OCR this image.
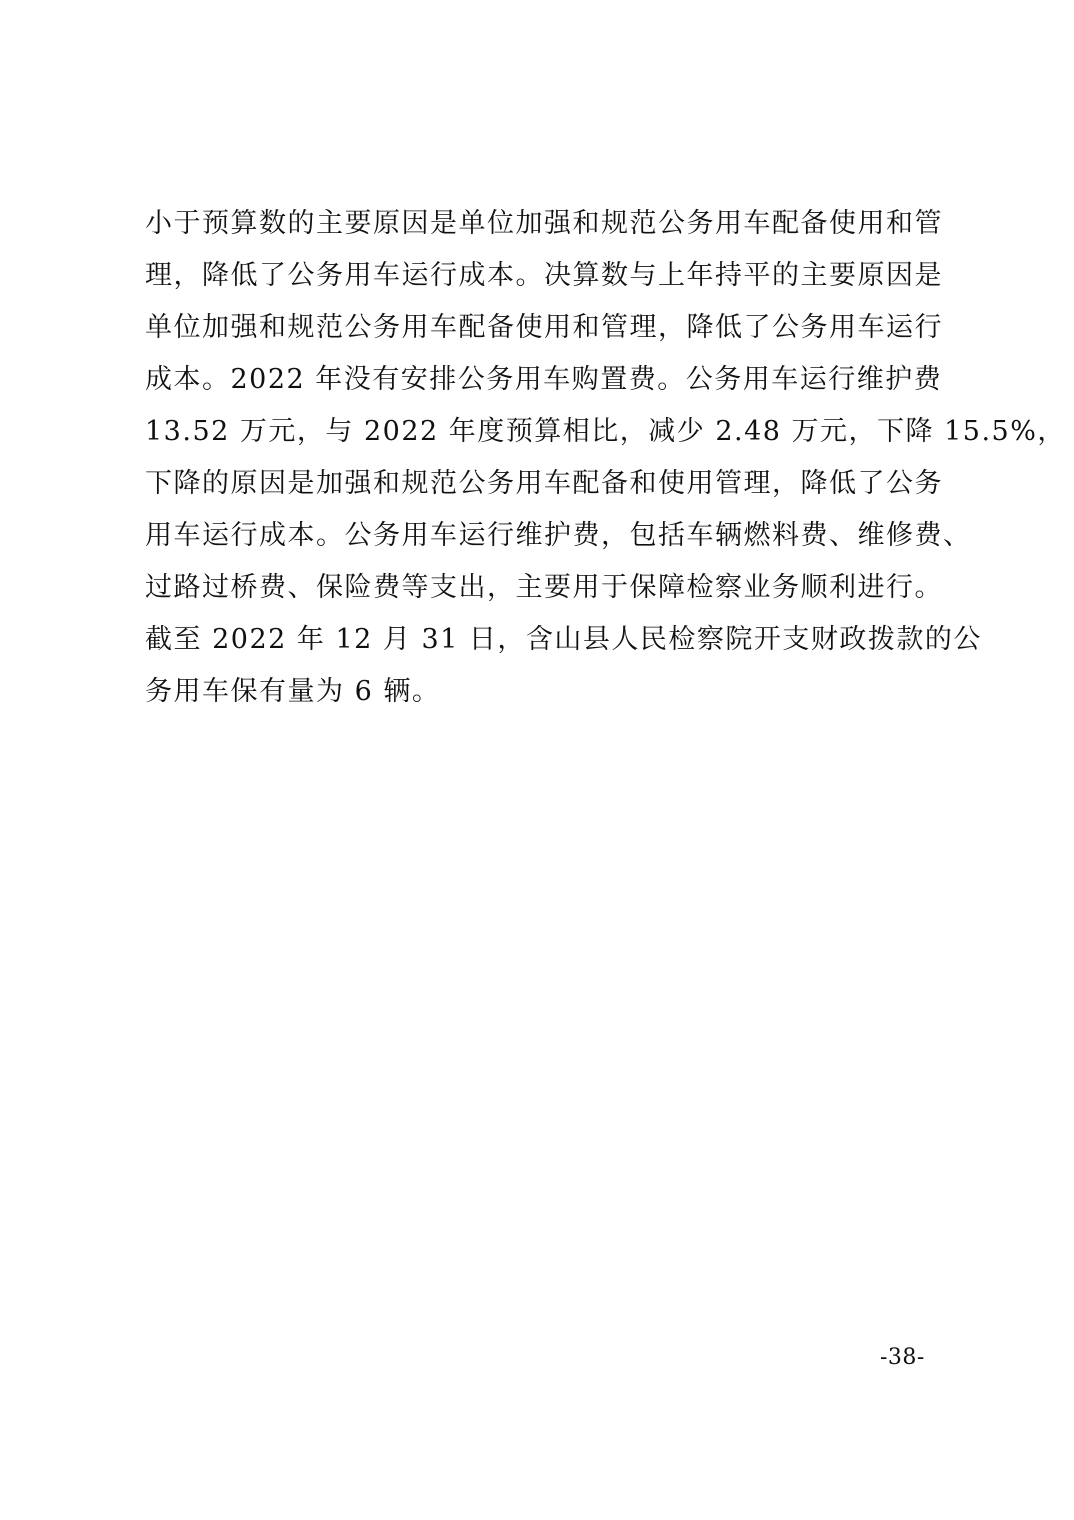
小于预算数的主要原因是单位加强和规范公务用车配备使用和管
理，降低了公务用车运行成本。决算数与上年持平的主要原因是
单位加强和规范公务用车配备使用和管理，降低了公务用车运行
成本。2022 年没有安排公务用车购置费。公务用车运行维护费
13.52 万元，与 2022 年度预算相比，减少 2.48 万元，下降 15.5%，
下降的原因是加强和规范公务用车配备和使用管理，降低了公务
用车运行成本。公务用车运行维护费，包括车辆燃料费、维修费、
过路过桥费、保险费等支出，主要用于保障检察业务顺利进行。
截至 2022 年 12 月 31 日，含山县人民检察院开支财政拨款的公
务用车保有量为 6 辆。
-38-
